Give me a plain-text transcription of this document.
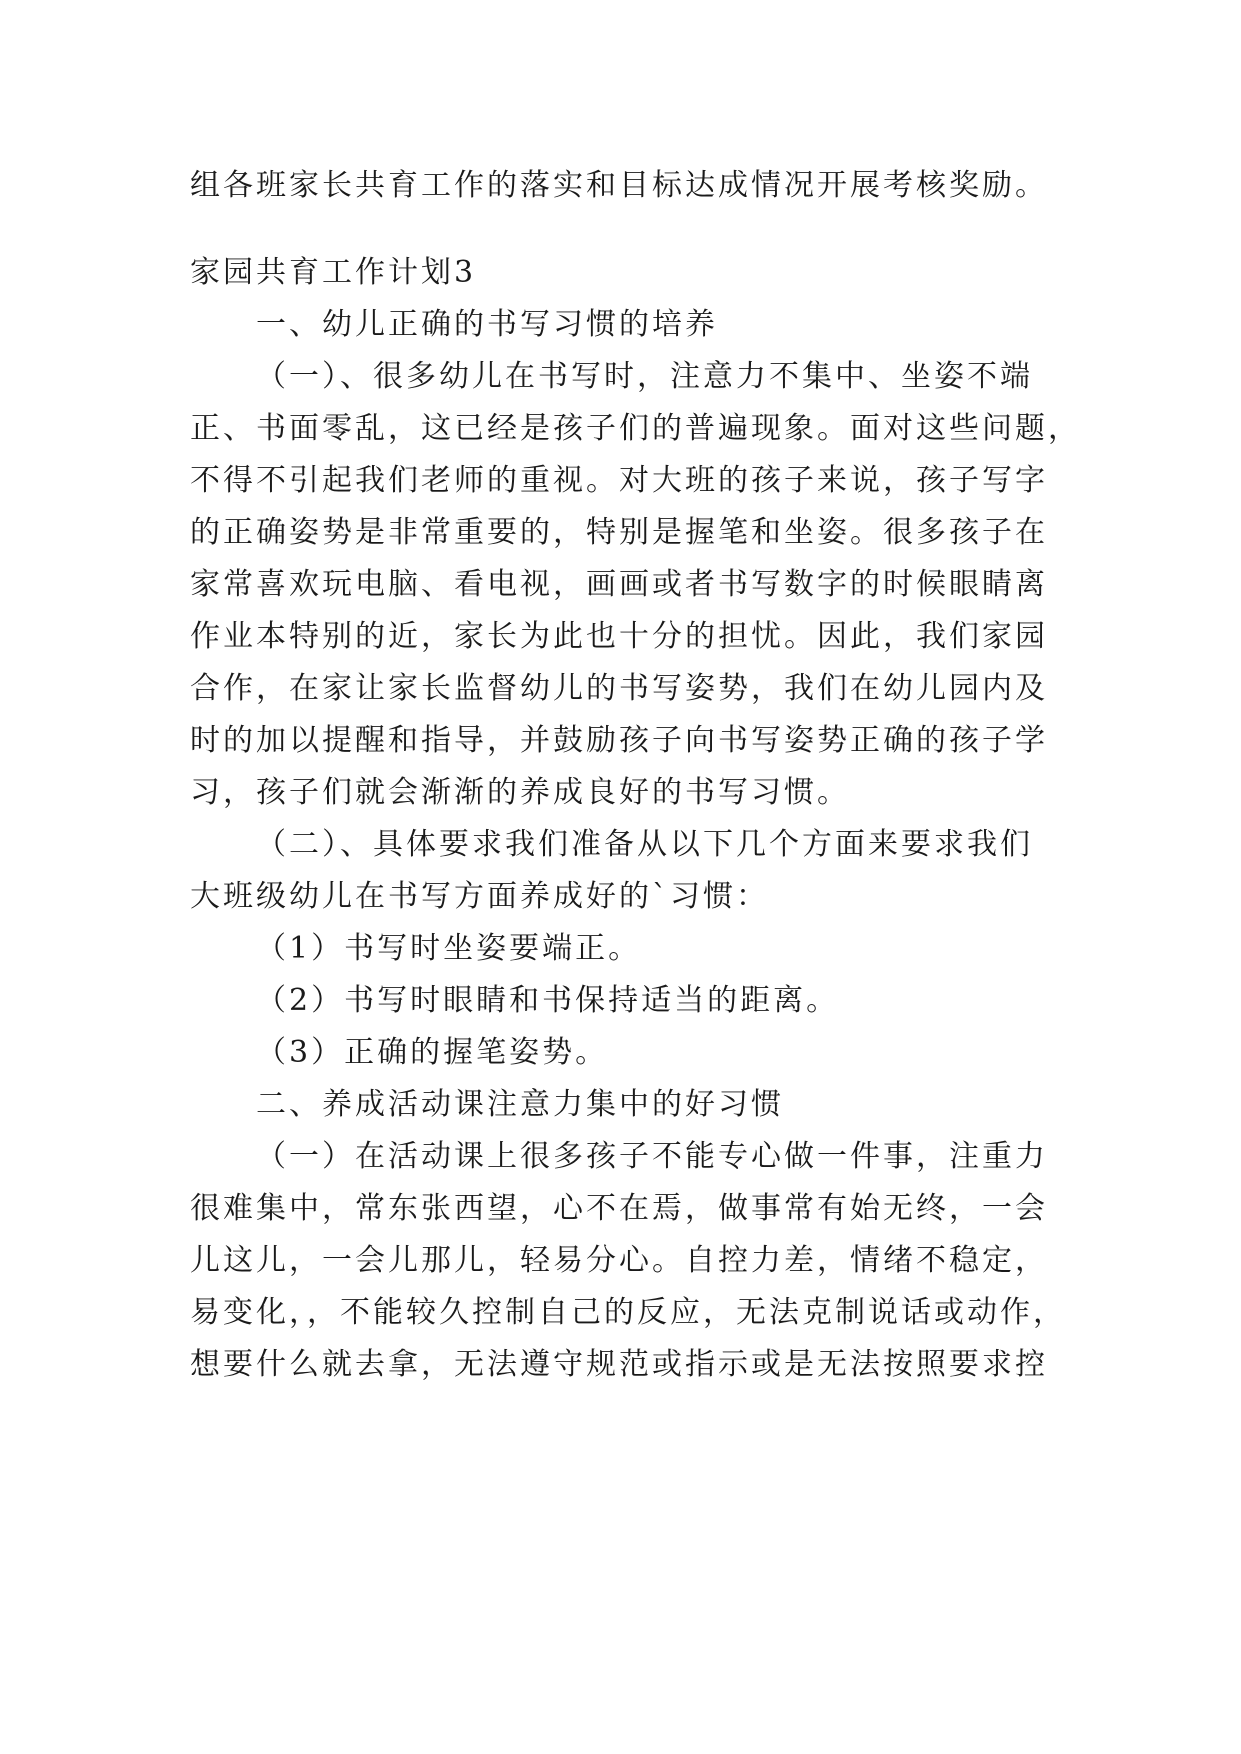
组各班家长共育工作的落实和目标达成情况开展考核奖励。

家园共育工作计划3

一、幼儿正确的书写习惯的培养

（一）、很多幼儿在书写时，注意力不集中、坐姿不端

正、书面零乱，这已经是孩子们的普遍现象。面对这些问题，

不得不引起我们老师的重视。对大班的孩子来说，孩子写字

的正确姿势是非常重要的，特别是握笔和坐姿。很多孩子在

家常喜欢玩电脑、看电视，画画或者书写数字的时候眼睛离

作业本特别的近，家长为此也十分的担忧。因此，我们家园

合作，在家让家长监督幼儿的书写姿势，我们在幼儿园内及

时的加以提醒和指导，并鼓励孩子向书写姿势正确的孩子学

习，孩子们就会渐渐的养成良好的书写习惯。

（二）、具体要求我们准备从以下几个方面来要求我们

大班级幼儿在书写方面养成好的`习惯：

（1）书写时坐姿要端正。

（2）书写时眼睛和书保持适当的距离。

（3）正确的握笔姿势。

二、养成活动课注意力集中的好习惯

（一）在活动课上很多孩子不能专心做一件事，注重力

很难集中，常东张西望，心不在焉，做事常有始无终，一会

儿这儿，一会儿那儿，轻易分心。自控力差，情绪不稳定，

易变化，，不能较久控制自己的反应，无法克制说话或动作，

想要什么就去拿，无法遵守规范或指示或是无法按照要求控
